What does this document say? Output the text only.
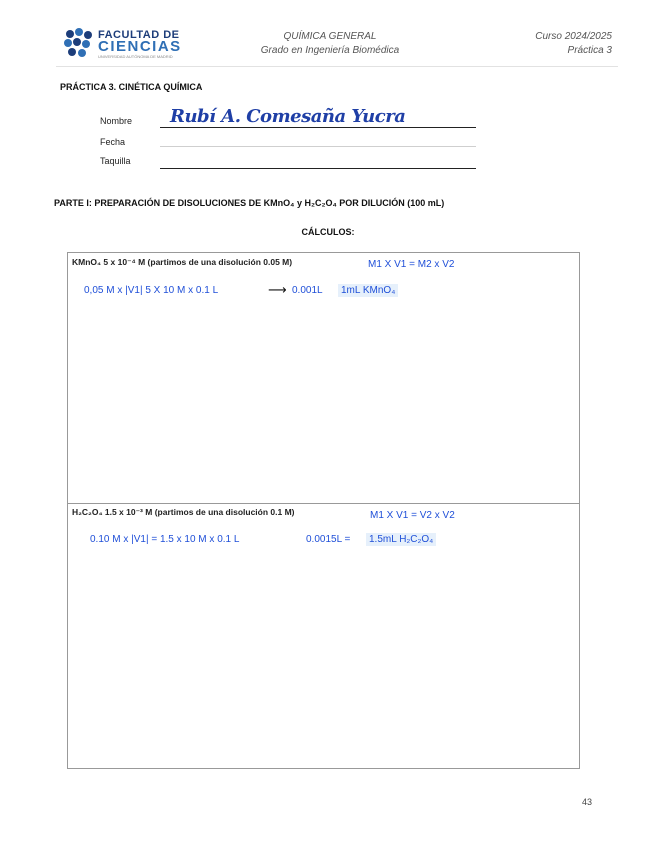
FACULTAD DE
CIENCIAS
UNIVERSIDAD AUTÓNOMA DE MADRID
QUÍMICA GENERAL
Grado en Ingeniería Biomédica
Curso 2024/2025
Práctica 3
PRÁCTICA 3. CINÉTICA QUÍMICA
Nombre Rubí A. Comesaña Yucra
Fecha
Taquilla
PARTE I: PREPARACIÓN DE DISOLUCIONES DE KMnO₄ y H₂C₂O₄ POR DILUCIÓN (100 mL)
CÁLCULOS:
KMnO₄ 5 x 10⁻⁴ M (partimos de una disolución 0.05 M)	M1 X V1 = M2 x V2
0,05 M x |V1| 5 X 10 M x 0.1 L	⟶ 0.001L	1mL KMnO₄
H₂C₂O₄ 1.5 x 10⁻³ M (partimos de una disolución 0.1 M)	M1 X V1 = V2 x V2
0.10 M x |V1| = 1.5 x 10 M x 0.1 L	0.0015L =	1.5mL H₂C₂O₄
43
